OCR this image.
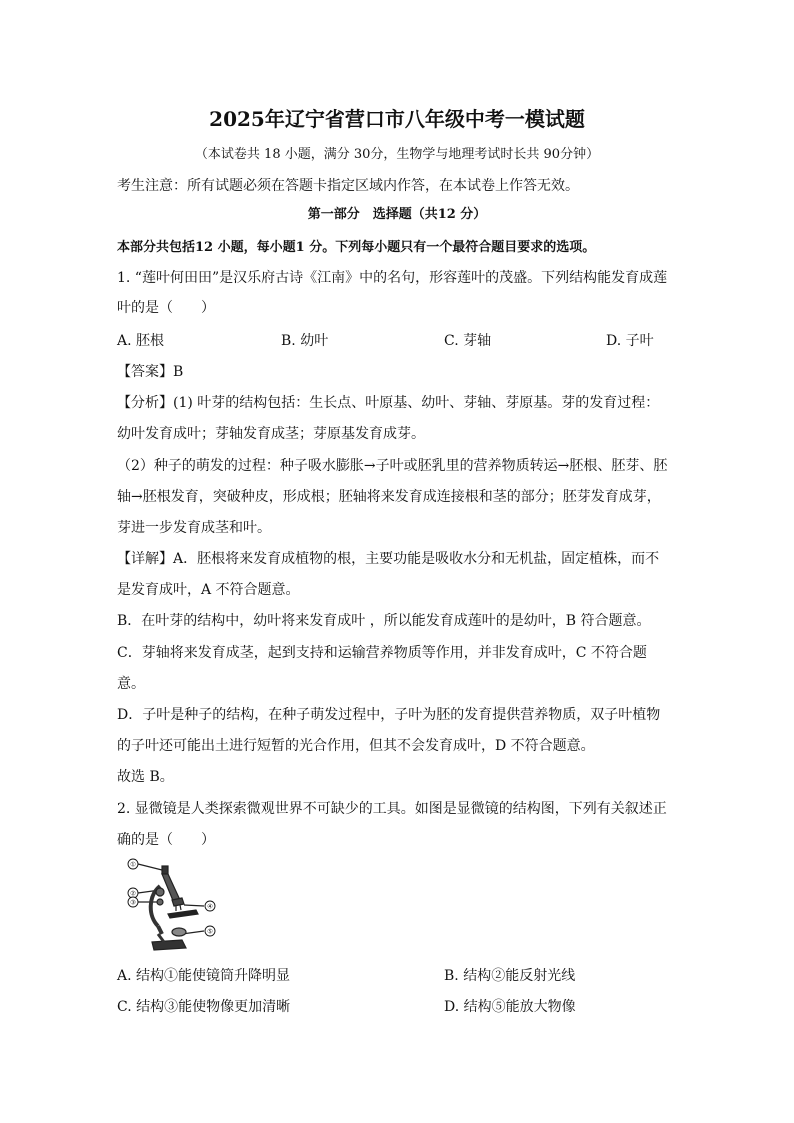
2025年辽宁省营口市八年级中考一模试题
（本试卷共 18 小题，满分 30分，生物学与地理考试时长共 90分钟）
考生注意：所有试题必须在答题卡指定区域内作答，在本试卷上作答无效。
第一部分　选择题（共12 分）
本部分共包括12 小题，每小题1 分。下列每小题只有一个最符合题目要求的选项。
1. “莲叶何田田”是汉乐府古诗《江南》中的名句，形容莲叶的茂盛。下列结构能发育成莲
叶的是（　　）
A. 胚根	B. 幼叶	C. 芽轴	D. 子叶
【答案】B
【分析】(1) 叶芽的结构包括：生长点、叶原基、幼叶、芽轴、芽原基。芽的发育过程：
幼叶发育成叶；芽轴发育成茎；芽原基发育成芽。
（2）种子的萌发的过程：种子吸水膨胀→子叶或胚乳里的营养物质转运→胚根、胚芽、胚
轴→胚根发育，突破种皮，形成根；胚轴将来发育成连接根和茎的部分；胚芽发育成芽，
芽进一步发育成茎和叶。
【详解】A．胚根将来发育成植物的根，主要功能是吸收水分和无机盐，固定植株，而不
是发育成叶，A 不符合题意。
B．在叶芽的结构中，幼叶将来发育成叶 ，所以能发育成莲叶的是幼叶，B 符合题意。
C．芽轴将来发育成茎，起到支持和运输营养物质等作用，并非发育成叶，C 不符合题
意。
D．子叶是种子的结构，在种子萌发过程中，子叶为胚的发育提供营养物质，双子叶植物
的子叶还可能出土进行短暂的光合作用，但其不会发育成叶，D 不符合题意。
故选 B。
2. 显微镜是人类探索微观世界不可缺少的工具。如图是显微镜的结构图，下列有关叙述正
确的是（　　）
①
②
③	④
⑤
A. 结构①能使镜筒升降明显	B. 结构②能反射光线
C. 结构③能使物像更加清晰	D. 结构⑤能放大物像
